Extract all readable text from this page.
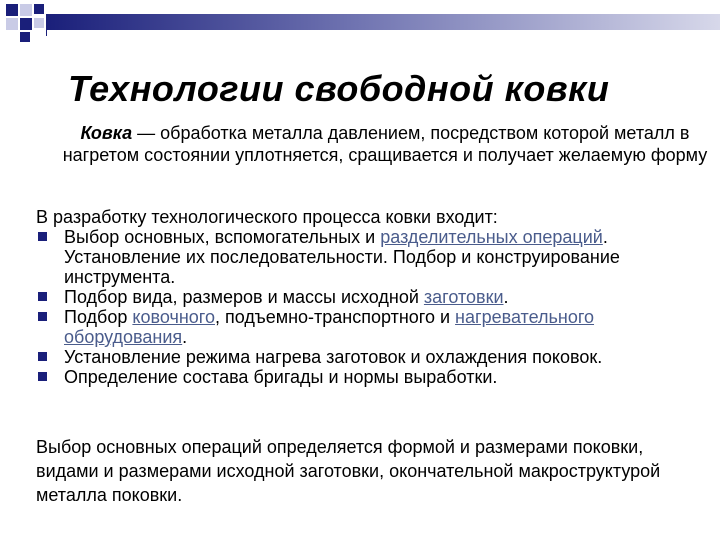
Технологии свободной ковки
Ковка — обработка металла давлением, посредством которой металл в нагретом состоянии уплотняется, сращивается и получает желаемую форму
В разработку технологического процесса ковки входит:
Выбор основных, вспомогательных и разделительных операций. Установление их последовательности. Подбор и конструирование инструмента.
Подбор вида, размеров и массы исходной заготовки.
Подбор ковочного, подъемно-транспортного и нагревательного оборудования.
Установление режима нагрева заготовок и охлаждения поковок.
Определение состава бригады и нормы выработки.
Выбор основных операций определяется формой и размерами поковки, видами и размерами исходной заготовки, окончательной макроструктурой металла поковки.
